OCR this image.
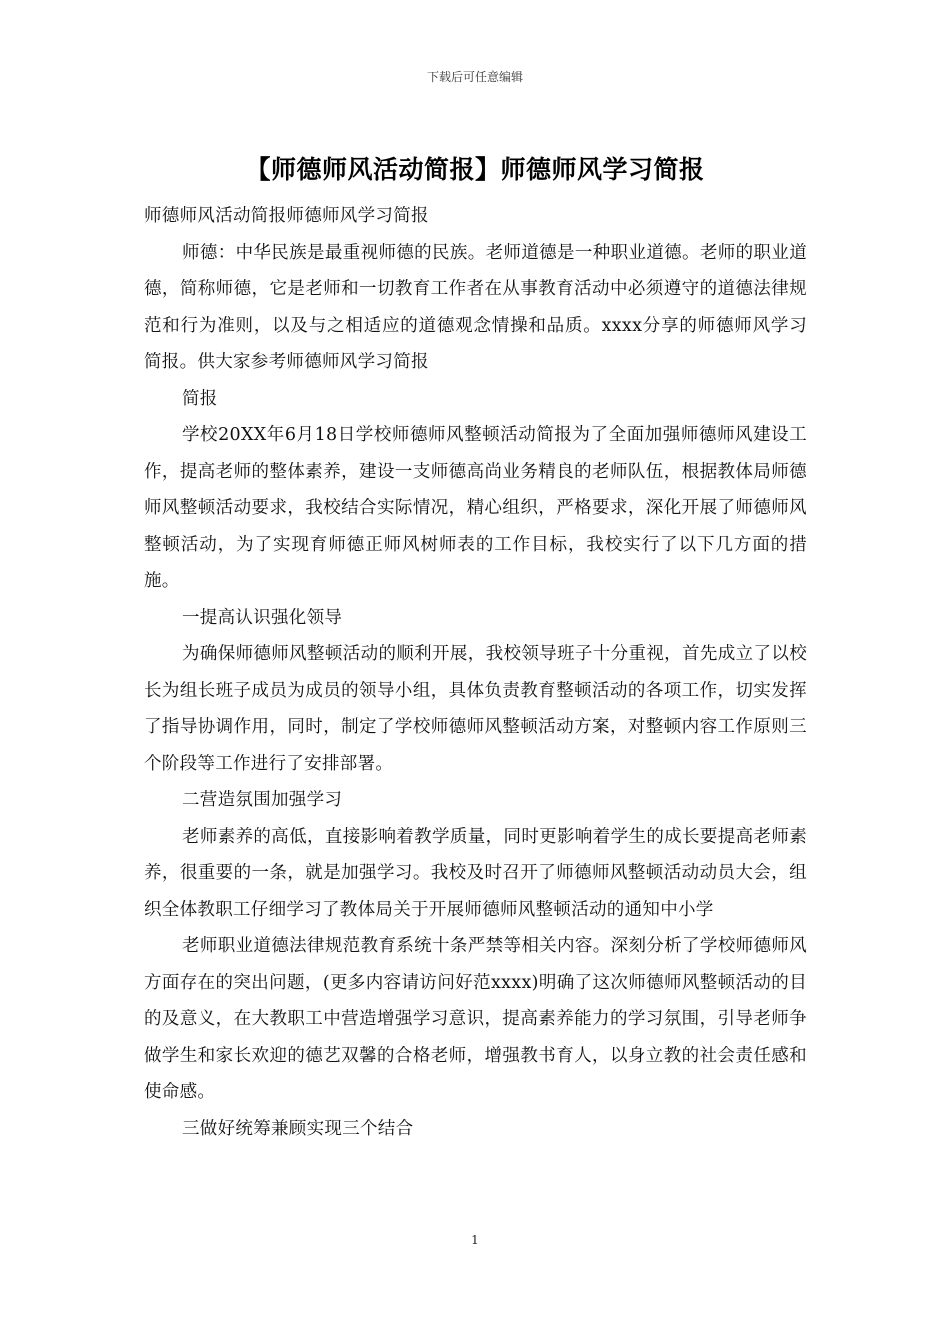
下载后可任意编辑
【师德师风活动简报】师德师风学习简报

师德师风活动简报师德师风学习简报

师德：中华民族是最重视师德的民族。老师道德是一种职业道德。老师的职业道德，简称师德，它是老师和一切教育工作者在从事教育活动中必须遵守的道德法律规范和行为准则，以及与之相适应的道德观念情操和品质。xxxx分享的师德师风学习简报。供大家参考师德师风学习简报

简报

学校20XX年6月18日学校师德师风整顿活动简报为了全面加强师德师风建设工作，提高老师的整体素养，建设一支师德高尚业务精良的老师队伍，根据教体局师德师风整顿活动要求，我校结合实际情况，精心组织，严格要求，深化开展了师德师风整顿活动，为了实现育师德正师风树师表的工作目标，我校实行了以下几方面的措施。

一提高认识强化领导

为确保师德师风整顿活动的顺利开展，我校领导班子十分重视，首先成立了以校长为组长班子成员为成员的领导小组，具体负责教育整顿活动的各项工作，切实发挥了指导协调作用，同时，制定了学校师德师风整顿活动方案，对整顿内容工作原则三个阶段等工作进行了安排部署。

二营造氛围加强学习

老师素养的高低，直接影响着教学质量，同时更影响着学生的成长要提高老师素养，很重要的一条，就是加强学习。我校及时召开了师德师风整顿活动动员大会，组织全体教职工仔细学习了教体局关于开展师德师风整顿活动的通知中小学

老师职业道德法律规范教育系统十条严禁等相关内容。深刻分析了学校师德师风方面存在的突出问题，(更多内容请访问好范xxxx)明确了这次师德师风整顿活动的目的及意义，在大教职工中营造增强学习意识，提高素养能力的学习氛围，引导老师争做学生和家长欢迎的德艺双馨的合格老师，增强教书育人，以身立教的社会责任感和使命感。

三做好统筹兼顾实现三个结合

1
